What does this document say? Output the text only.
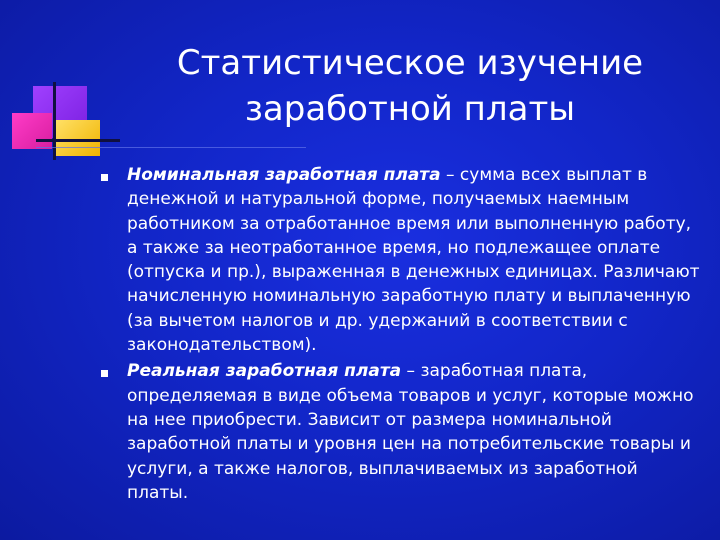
Статистическое изучение заработной платы
Номинальная заработная плата – сумма всех выплат в денежной и натуральной форме, получаемых наемным работником за отработанное время или выполненную работу, а также за неотработанное время, но подлежащее оплате (отпуска и пр.), выраженная в денежных единицах. Различают начисленную номинальную заработную плату и выплаченную (за вычетом налогов и др. удержаний в соответствии с законодательством).
Реальная заработная плата – заработная плата, определяемая в виде объема товаров и услуг, которые можно на нее приобрести. Зависит от размера номинальной заработной платы и уровня цен на потребительские товары и услуги, а также налогов, выплачиваемых из заработной платы.
